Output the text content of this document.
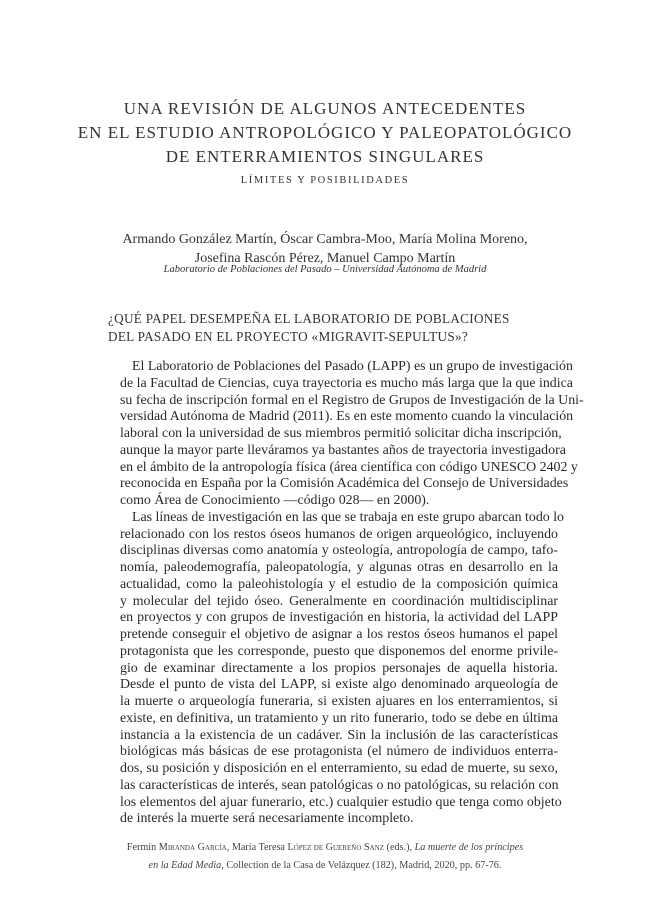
UNA REVISIÓN DE ALGUNOS ANTECEDENTES
EN EL ESTUDIO ANTROPOLÓGICO Y PALEOPATOLÓGICO
DE ENTERRAMIENTOS SINGULARES
LÍMITES Y POSIBILIDADES
Armando González Martín, Óscar Cambra-Moo, María Molina Moreno,
Josefina Rascón Pérez, Manuel Campo Martín
Laboratorio de Poblaciones del Pasado – Universidad Autónoma de Madrid
¿QUÉ PAPEL DESEMPEÑA EL LABORATORIO DE POBLACIONES
DEL PASADO EN EL PROYECTO «MIGRAVIT-SEPULTUS»?

El Laboratorio de Poblaciones del Pasado (LAPP) es un grupo de investigación
de la Facultad de Ciencias, cuya trayectoria es mucho más larga que la que indica
su fecha de inscripción formal en el Registro de Grupos de Investigación de la Uni-
versidad Autónoma de Madrid (2011). Es en este momento cuando la vinculación
laboral con la universidad de sus miembros permitió solicitar dicha inscripción,
aunque la mayor parte lleváramos ya bastantes años de trayectoria investigadora
en el ámbito de la antropología física (área científica con código UNESCO 2402 y
reconocida en España por la Comisión Académica del Consejo de Universidades
como Área de Conocimiento —código 028— en 2000).

Las líneas de investigación en las que se trabaja en este grupo abarcan todo lo
relacionado con los restos óseos humanos de origen arqueológico, incluyendo
disciplinas diversas como anatomía y osteología, antropología de campo, tafo-
nomía, paleodemografía, paleopatología, y algunas otras en desarrollo en la
actualidad, como la paleohistología y el estudio de la composición química
y molecular del tejido óseo. Generalmente en coordinación multidisciplinar
en proyectos y con grupos de investigación en historia, la actividad del LAPP
pretende conseguir el objetivo de asignar a los restos óseos humanos el papel
protagonista que les corresponde, puesto que disponemos del enorme privile-
gio de examinar directamente a los propios personajes de aquella historia.
Desde el punto de vista del LAPP, si existe algo denominado arqueología de
la muerte o arqueología funeraria, si existen ajuares en los enterramientos, si
existe, en definitiva, un tratamiento y un rito funerario, todo se debe en última
instancia a la existencia de un cadáver. Sin la inclusión de las características
biológicas más básicas de ese protagonista (el número de individuos enterra-
dos, su posición y disposición en el enterramiento, su edad de muerte, su sexo,
las características de interés, sean patológicas o no patológicas, su relación con
los elementos del ajuar funerario, etc.) cualquier estudio que tenga como objeto
de interés la muerte será necesariamente incompleto.

Fermín Miranda García, María Teresa López de Guereño Sanz (eds.), La muerte de los príncipes
en la Edad Media, Collection de la Casa de Velázquez (182), Madrid, 2020, pp. 67-76.
